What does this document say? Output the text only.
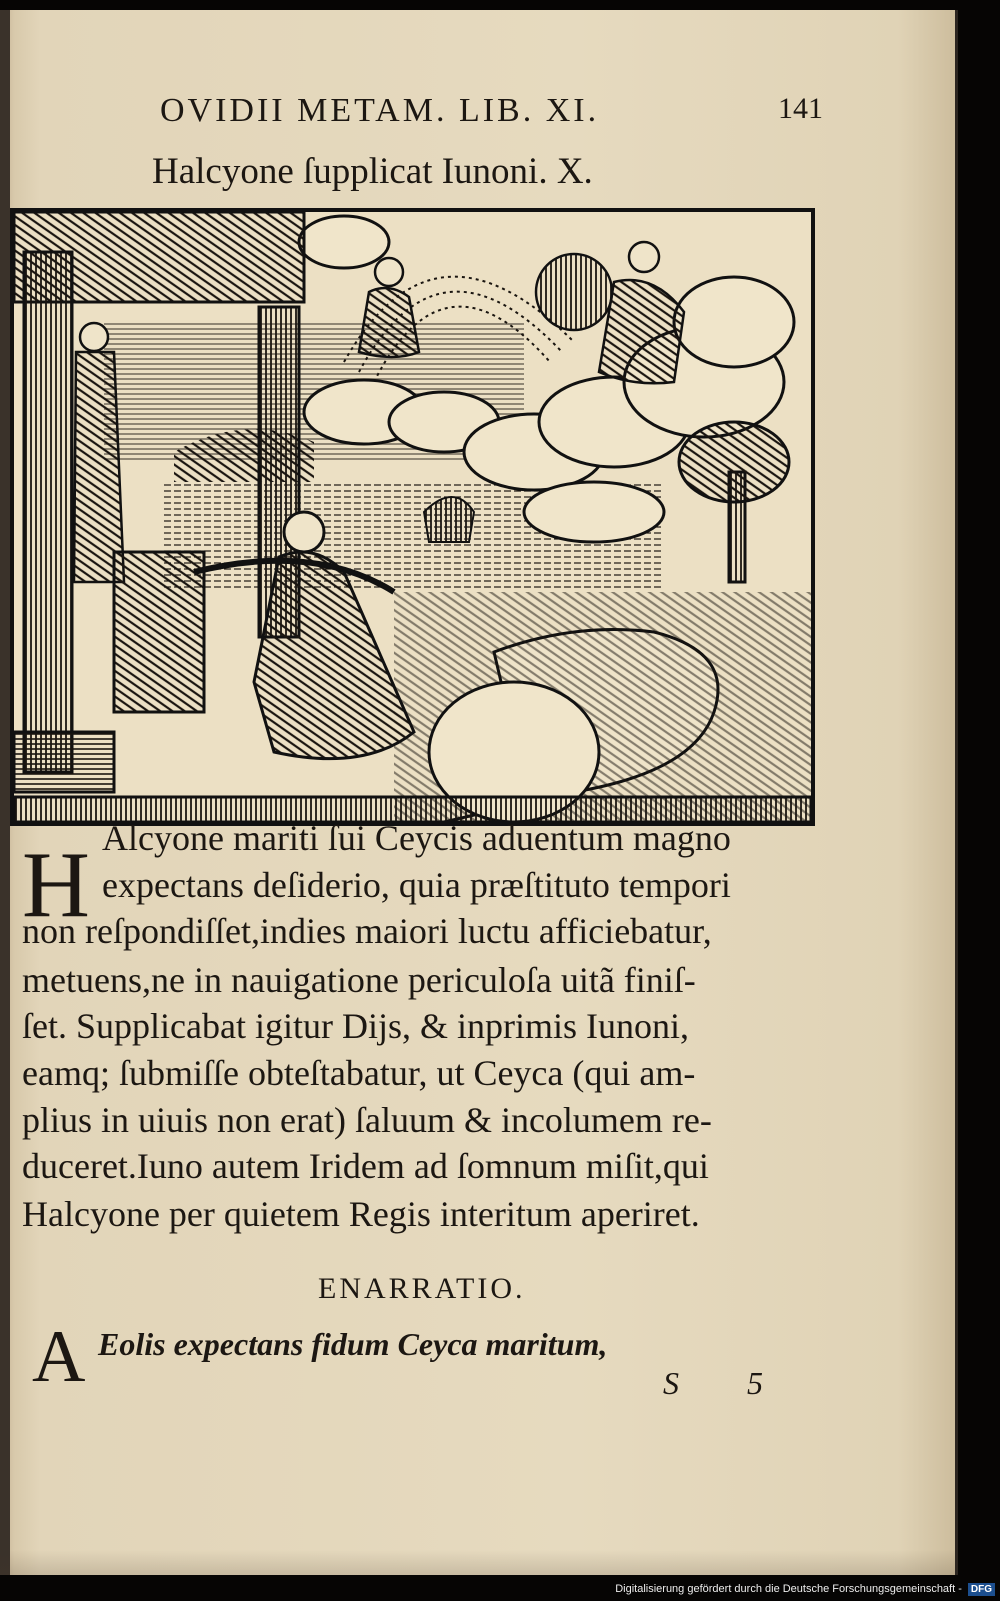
OVIDII METAM. LIB. XI.	141
Halcyone ſupplicat Iunoni. X.
H Alcyone mariti ſui Ceycis aduentum magno
expectans deſiderio, quia præſtituto tempori
non reſpondiſſet,indies maiori luctu afficiebatur,
metuens,ne in nauigatione periculoſa uitã finiſ-
ſet. Supplicabat igitur Dijs, & inprimis Iunoni,
eamq; ſubmiſſe obteſtabatur, ut Ceyca (qui am-
plius in uiuis non erat) ſaluum & incolumem re-
duceret.Iuno autem Iridem ad ſomnum miſit,qui
Halcyone per quietem Regis interitum aperiret.
ENARRATIO.
A Eolis expectans fidum Ceyca maritum,
S 5
Digitalisierung gefördert durch die Deutsche Forschungsgemeinschaft - DFG
